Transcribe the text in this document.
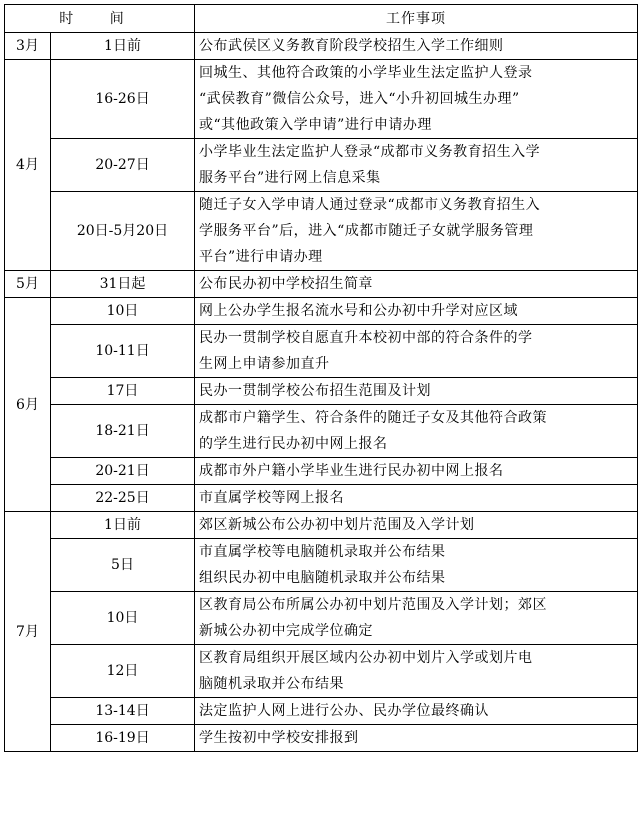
时 间		工作事项
3月	1日前	公布武侯区义务教育阶段学校招生入学工作细则

4月	16-26日	回城生、其他符合政策的小学毕业生法定监护人登录
“武侯教育”微信公众号，进入“小升初回城生办理”
或“其他政策入学申请”进行申请办理

	20-27日	小学毕业生法定监护人登录“成都市义务教育招生入学
服务平台”进行网上信息采集

	20日-5月20日	随迁子女入学申请人通过登录“成都市义务教育招生入
学服务平台”后，进入“成都市随迁子女就学服务管理
平台”进行申请办理

5月	31日起	公布民办初中学校招生简章

6月	10日	网上公办学生报名流水号和公办初中升学对应区域

	10-11日	民办一贯制学校自愿直升本校初中部的符合条件的学
生网上申请参加直升

	17日	民办一贯制学校公布招生范围及计划

	18-21日	成都市户籍学生、符合条件的随迁子女及其他符合政策
的学生进行民办初中网上报名

	20-21日	成都市外户籍小学毕业生进行民办初中网上报名

	22-25日	市直属学校等网上报名

7月	1日前	郊区新城公布公办初中划片范围及入学计划

	5日	市直属学校等电脑随机录取并公布结果
组织民办初中电脑随机录取并公布结果

	10日	区教育局公布所属公办初中划片范围及入学计划；郊区
新城公办初中完成学位确定

	12日	区教育局组织开展区域内公办初中划片入学或划片电
脑随机录取并公布结果

	13-14日	法定监护人网上进行公办、民办学位最终确认

	16-19日	学生按初中学校安排报到
